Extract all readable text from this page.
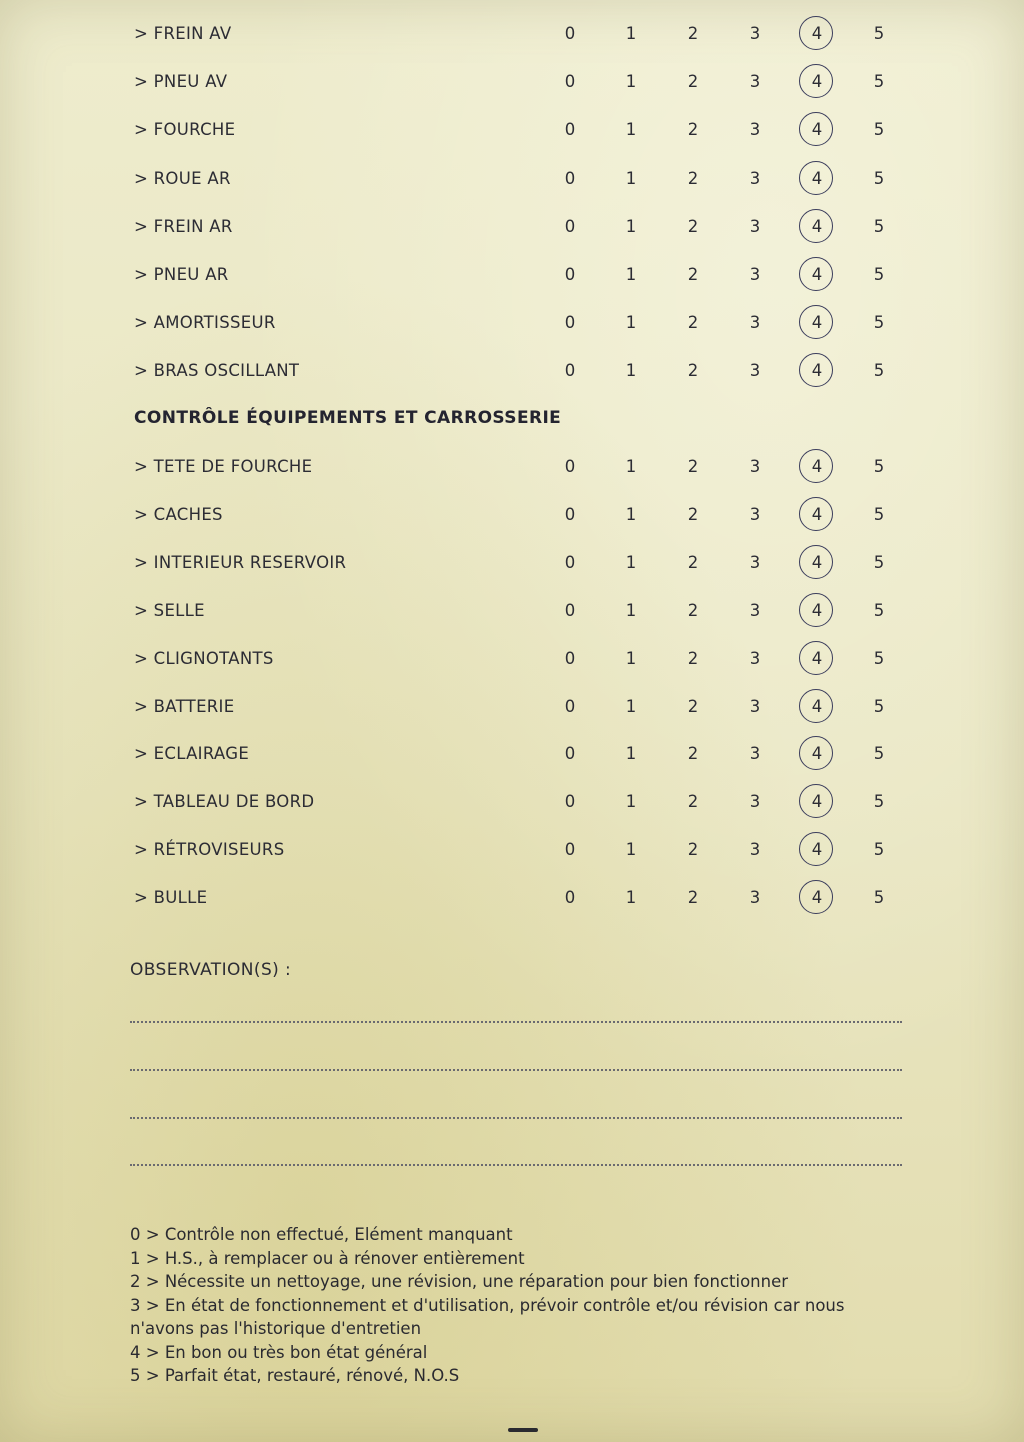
> FREIN AV	0	1	2	3	4	5
> PNEU AV	0	1	2	3	4	5
> FOURCHE	0	1	2	3	4	5
> ROUE AR	0	1	2	3	4	5
> FREIN AR	0	1	2	3	4	5
> PNEU AR	0	1	2	3	4	5
> AMORTISSEUR	0	1	2	3	4	5
> BRAS OSCILLANT	0	1	2	3	4	5
CONTRÔLE ÉQUIPEMENTS ET CARROSSERIE
> TETE DE FOURCHE	0	1	2	3	4	5
> CACHES	0	1	2	3	4	5
> INTERIEUR RESERVOIR	0	1	2	3	4	5
> SELLE	0	1	2	3	4	5
> CLIGNOTANTS	0	1	2	3	4	5
> BATTERIE	0	1	2	3	4	5
> ECLAIRAGE	0	1	2	3	4	5
> TABLEAU DE BORD	0	1	2	3	4	5
> RÉTROVISEURS	0	1	2	3	4	5
> BULLE	0	1	2	3	4	5
OBSERVATION(S) :
0 > Contrôle non effectué, Elément manquant
1 > H.S., à remplacer ou à rénover entièrement
2 > Nécessite un nettoyage, une révision, une réparation pour bien fonctionner
3 > En état de fonctionnement et d'utilisation, prévoir contrôle et/ou révision car nous
n'avons pas l'historique d'entretien
4 > En bon ou très bon état général
5 > Parfait état, restauré, rénové, N.O.S
